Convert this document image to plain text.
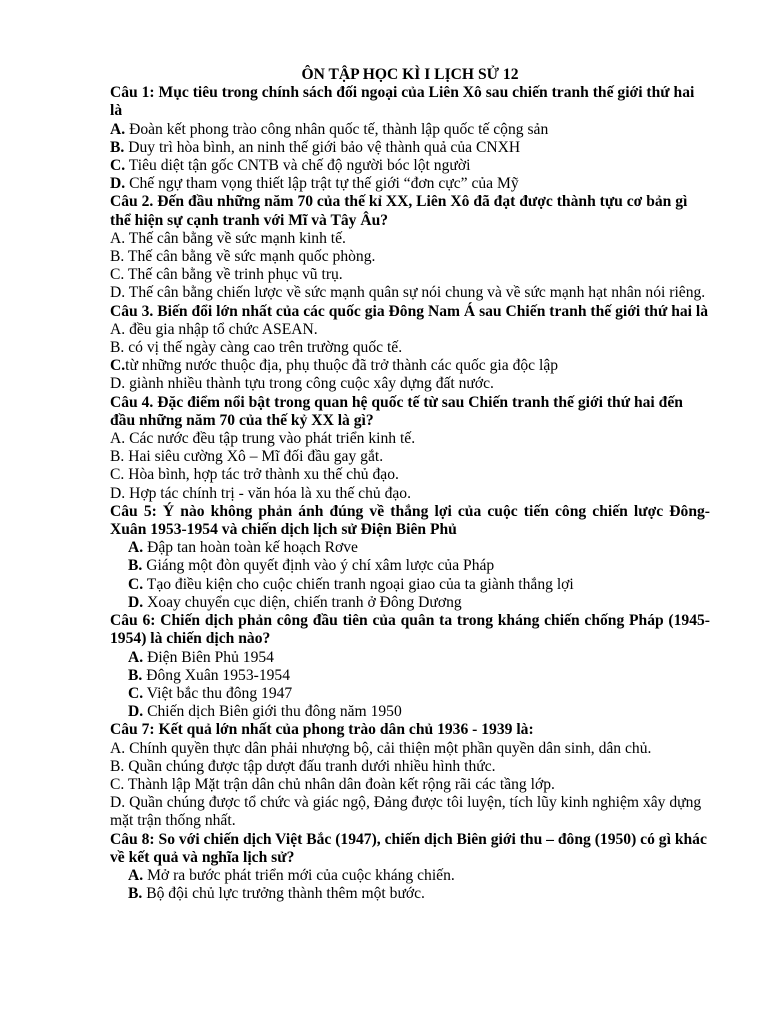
ÔN TẬP HỌC KÌ I LỊCH SỬ 12
Câu 1: Mục tiêu trong chính sách đối ngoại của Liên Xô sau chiến tranh thế giới thứ hai là
A. Đoàn kết phong trào công nhân quốc tế, thành lập quốc tế cộng sản
B. Duy trì hòa bình, an ninh thế giới bảo vệ thành quả của CNXH
C. Tiêu diệt tận gốc CNTB và chế độ người bóc lột người
D. Chế ngự tham vọng thiết lập trật tự thế giới “đơn cực” của Mỹ
Câu 2. Đến đầu những năm 70 của thế kỉ XX, Liên Xô đã đạt được thành tựu cơ bản gì thể hiện sự cạnh tranh với Mĩ và Tây Âu?
A. Thế cân bằng về sức mạnh kinh tế.
B. Thế cân bằng về sức mạnh quốc phòng.
C. Thế cân bằng về trinh phục vũ trụ.
D. Thế cân bằng chiến lược về sức mạnh quân sự nói chung và về sức mạnh hạt nhân nói riêng.
Câu 3. Biến đổi lớn nhất của các quốc gia Đông Nam Á sau Chiến tranh thế giới thứ hai là
A. đều gia nhập tổ chức ASEAN.
B. có vị thế ngày càng cao trên trường quốc tế.
C.từ những nước thuộc địa, phụ thuộc đã trở thành các quốc gia độc lập
D. giành nhiều thành tựu trong công cuộc xây dựng đất nước.
Câu 4. Đặc điểm nổi bật trong quan hệ quốc tế từ sau Chiến tranh thế giới thứ hai đến đầu những năm 70 của thế kỷ XX là gì?
A. Các nước đều tập trung vào phát triển kinh tế.
B. Hai siêu cường Xô – Mĩ đối đầu gay gắt.
C. Hòa bình, hợp tác trở thành xu thế chủ đạo.
D. Hợp tác chính trị - văn hóa là xu thế chủ đạo.
Câu 5: Ý nào không phản ánh đúng về thắng lợi của cuộc tiến công chiến lược Đông- Xuân 1953-1954 và chiến dịch lịch sử Điện Biên Phủ
A. Đập tan hoàn toàn kế hoạch Rơve
B. Giáng một đòn quyết định vào ý chí xâm lược của Pháp
C. Tạo điều kiện cho cuộc chiến tranh ngoại giao của ta giành thắng lợi
D. Xoay chuyển cục diện, chiến tranh ở Đông Dương
Câu 6: Chiến dịch phản công đầu tiên của quân ta trong kháng chiến chống Pháp (1945-1954) là chiến dịch nào?
A. Điện Biên Phủ 1954
B. Đông Xuân 1953-1954
C. Việt bắc thu đông 1947
D. Chiến dịch Biên giới thu đông năm 1950
Câu 7: Kết quả lớn nhất của phong trào dân chủ 1936 - 1939 là:
A. Chính quyền thực dân phải nhượng bộ, cải thiện một phần quyền dân sinh, dân chủ.
B. Quần chúng được tập dượt đấu tranh dưới nhiều hình thức.
C. Thành lập Mặt trận dân chủ nhân dân đoàn kết rộng rãi các tầng lớp.
D. Quần chúng được tổ chức và giác ngộ, Đảng được tôi luyện, tích lũy kinh nghiệm xây dựng mặt trận thống nhất.
Câu 8: So với chiến dịch Việt Bắc (1947), chiến dịch Biên giới thu – đông (1950) có gì khác về kết quả và nghĩa lịch sử?
A. Mở ra bước phát triển mới của cuộc kháng chiến.
B. Bộ đội chủ lực trưởng thành thêm một bước.
